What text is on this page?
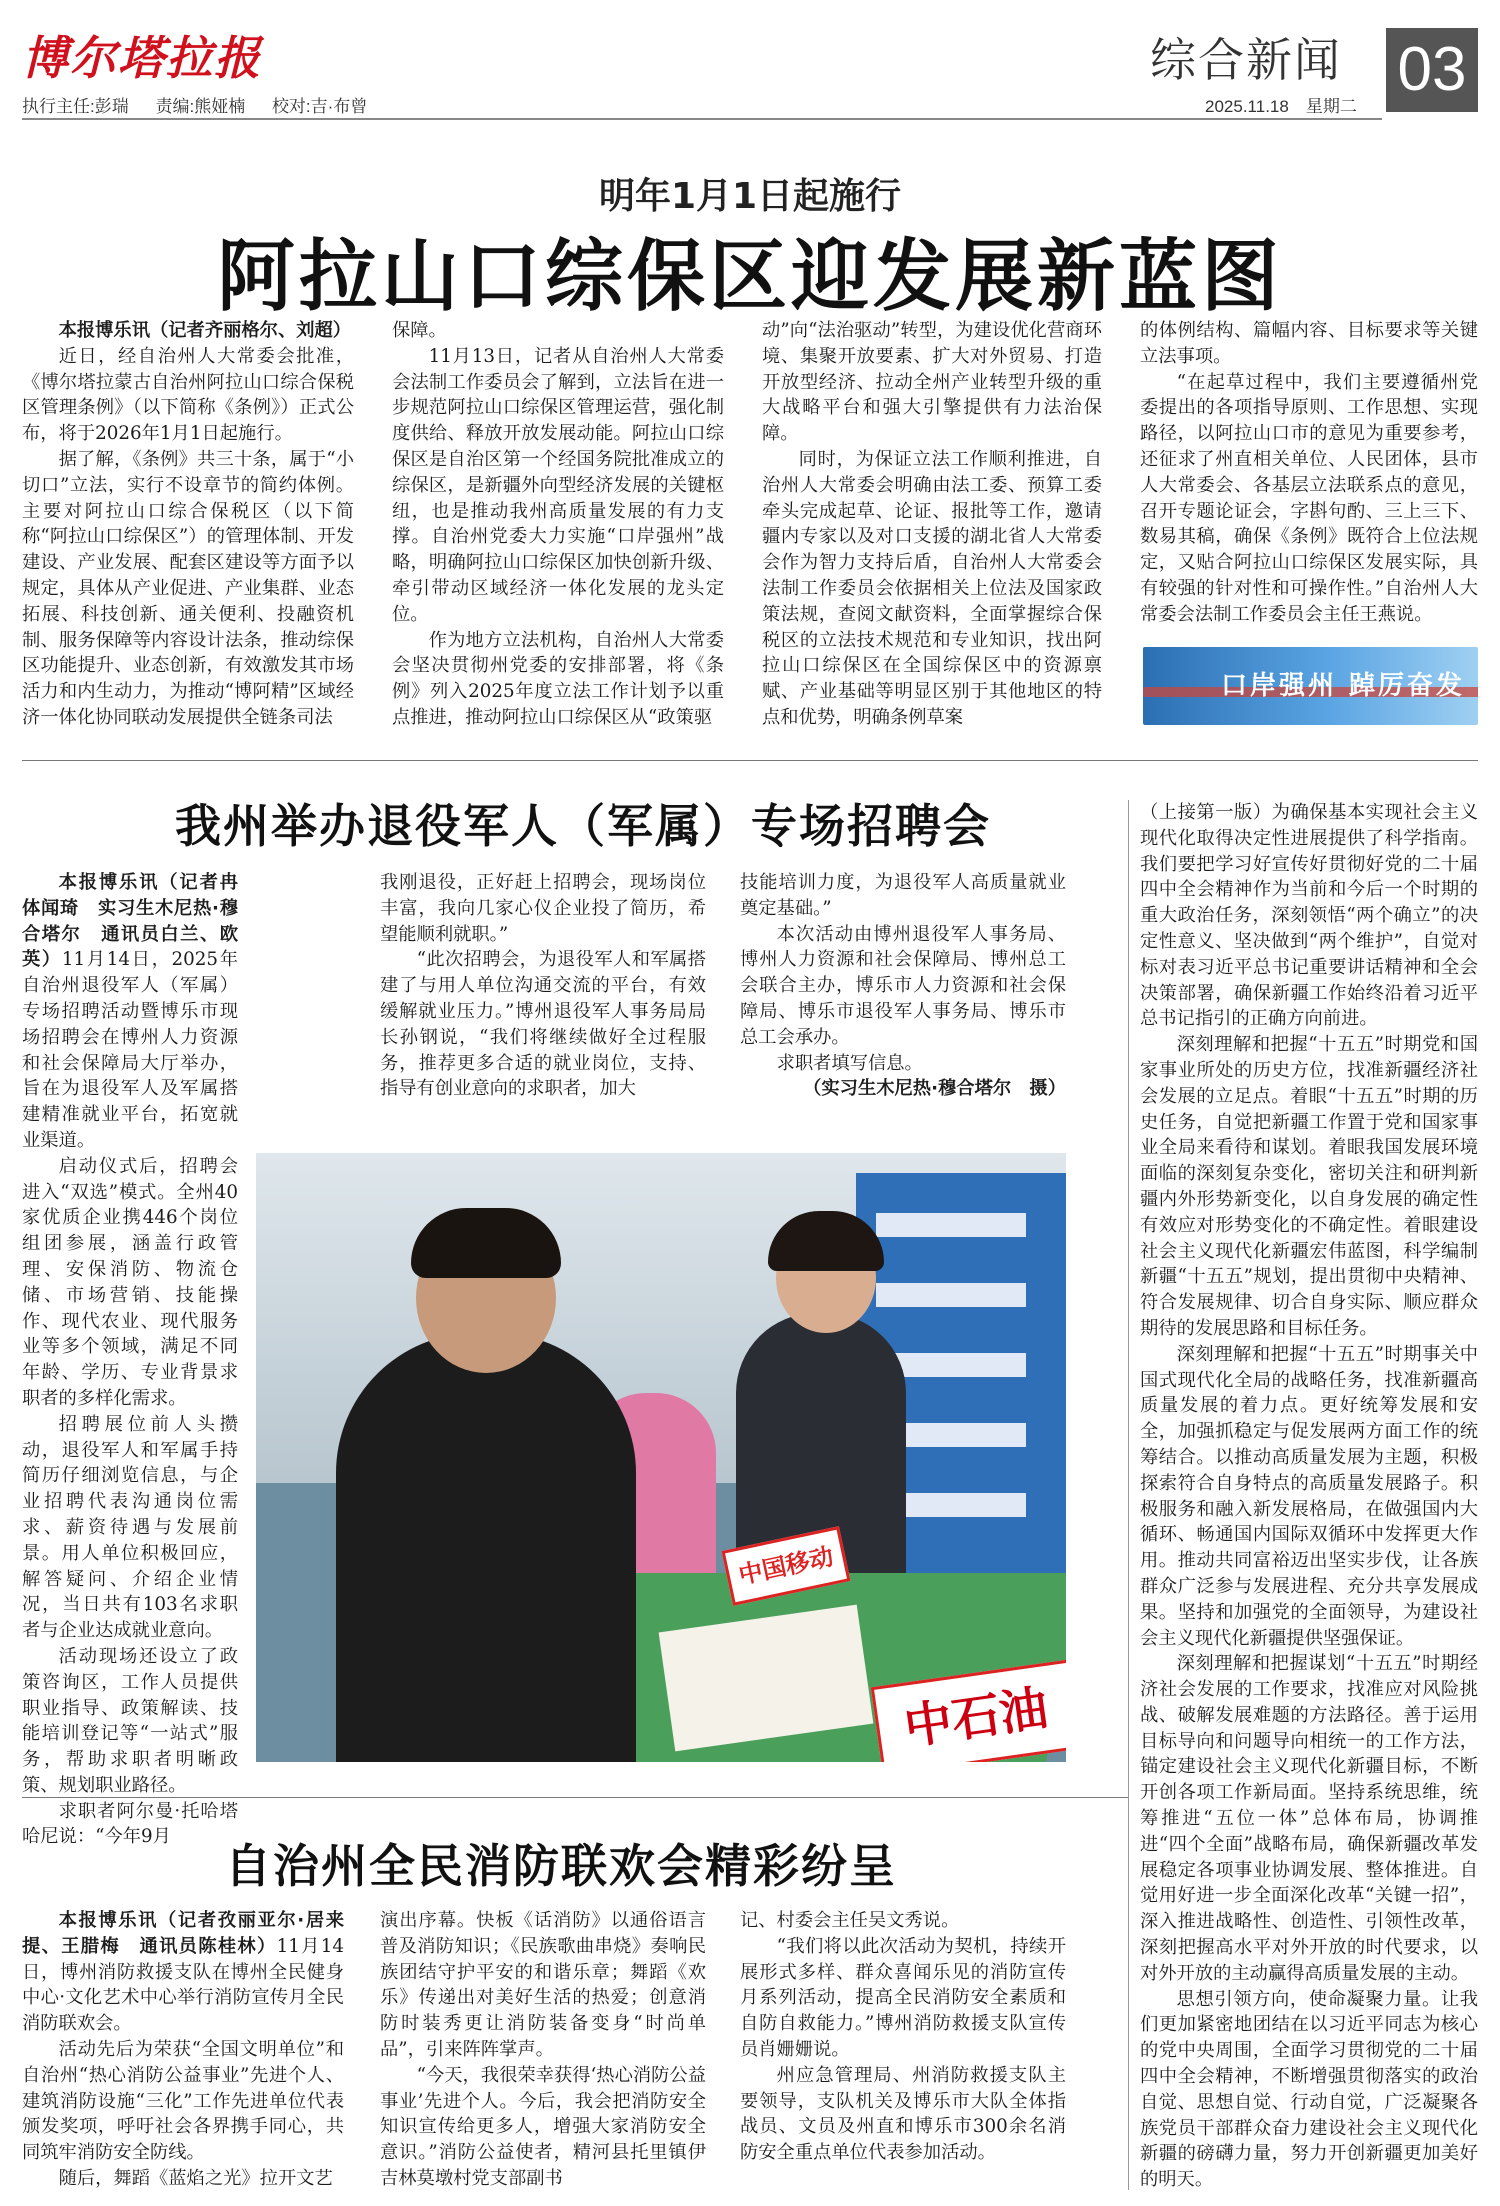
博尔塔拉报
执行主任:彭瑞 责编:熊娅楠 校对:吉·布曾
综合新闻 03
2025.11.18　星期二
明年1月1日起施行
阿拉山口综保区迎发展新蓝图

本报博乐讯（记者齐丽格尔、刘超）

近日，经自治州人大常委会批准，《博尔塔拉蒙古自治州阿拉山口综合保税区管理条例》（以下简称《条例》）正式公布，将于2026年1月1日起施行。

据了解，《条例》共三十条，属于“小切口”立法，实行不设章节的简约体例。主要对阿拉山口综合保税区（以下简称“阿拉山口综保区”）的管理体制、开发建设、产业发展、配套区建设等方面予以规定，具体从产业促进、产业集群、业态拓展、科技创新、通关便利、投融资机制、服务保障等内容设计法条，推动综保区功能提升、业态创新，有效激发其市场活力和内生动力，为推动“博阿精”区域经济一体化协同联动发展提供全链条司法

保障。

11月13日，记者从自治州人大常委会法制工作委员会了解到，立法旨在进一步规范阿拉山口综保区管理运营，强化制度供给、释放开放发展动能。阿拉山口综保区是自治区第一个经国务院批准成立的综保区，是新疆外向型经济发展的关键枢纽，也是推动我州高质量发展的有力支撑。自治州党委大力实施“口岸强州”战略，明确阿拉山口综保区加快创新升级、牵引带动区域经济一体化发展的龙头定位。

作为地方立法机构，自治州人大常委会坚决贯彻州党委的安排部署，将《条例》列入2025年度立法工作计划予以重点推进，推动阿拉山口综保区从“政策驱

动”向“法治驱动”转型，为建设优化营商环境、集聚开放要素、扩大对外贸易、打造开放型经济、拉动全州产业转型升级的重大战略平台和强大引擎提供有力法治保障。

同时，为保证立法工作顺利推进，自治州人大常委会明确由法工委、预算工委牵头完成起草、论证、报批等工作，邀请疆内专家以及对口支援的湖北省人大常委会作为智力支持后盾，自治州人大常委会法制工作委员会依据相关上位法及国家政策法规，查阅文献资料，全面掌握综合保税区的立法技术规范和专业知识，找出阿拉山口综保区在全国综保区中的资源禀赋、产业基础等明显区别于其他地区的特点和优势，明确条例草案

的体例结构、篇幅内容、目标要求等关键立法事项。

“在起草过程中，我们主要遵循州党委提出的各项指导原则、工作思想、实现路径，以阿拉山口市的意见为重要参考，还征求了州直相关单位、人民团体，县市人大常委会、各基层立法联系点的意见，召开专题论证会，字斟句酌、三上三下、数易其稿，确保《条例》既符合上位法规定，又贴合阿拉山口综保区发展实际，具有较强的针对性和可操作性。”自治州人大常委会法制工作委员会主任王燕说。

口岸强州 踔厉奋发
我州举办退役军人（军属）专场招聘会

本报博乐讯（记者冉体闻琦　实习生木尼热·穆合塔尔　通讯员白兰、欧英）11月14日，2025年自治州退役军人（军属）专场招聘活动暨博乐市现场招聘会在博州人力资源和社会保障局大厅举办，旨在为退役军人及军属搭建精准就业平台，拓宽就业渠道。

启动仪式后，招聘会进入“双选”模式。全州40家优质企业携446个岗位组团参展，涵盖行政管理、安保消防、物流仓储、市场营销、技能操作、现代农业、现代服务业等多个领域，满足不同年龄、学历、专业背景求职者的多样化需求。

招聘展位前人头攒动，退役军人和军属手持简历仔细浏览信息，与企业招聘代表沟通岗位需求、薪资待遇与发展前景。用人单位积极回应，解答疑问、介绍企业情况，当日共有103名求职者与企业达成就业意向。

活动现场还设立了政策咨询区，工作人员提供职业指导、政策解读、技能培训登记等“一站式”服务，帮助求职者明晰政策、规划职业路径。

求职者阿尔曼·托哈塔哈尼说：“今年9月

我刚退役，正好赶上招聘会，现场岗位丰富，我向几家心仪企业投了简历，希望能顺利就职。”

“此次招聘会，为退役军人和军属搭建了与用人单位沟通交流的平台，有效缓解就业压力。”博州退役军人事务局局长孙钢说，“我们将继续做好全过程服务，推荐更多合适的就业岗位，支持、指导有创业意向的求职者，加大

技能培训力度，为退役军人高质量就业奠定基础。”

本次活动由博州退役军人事务局、博州人力资源和社会保障局、博州总工会联合主办，博乐市人力资源和社会保障局、博乐市退役军人事务局、博乐市总工会承办。

求职者填写信息。

（实习生木尼热·穆合塔尔　摄）

中国移动
中石油
自治州全民消防联欢会精彩纷呈

本报博乐讯（记者孜丽亚尔·居来提、王腊梅　通讯员陈桂林）11月14日，博州消防救援支队在博州全民健身中心·文化艺术中心举行消防宣传月全民消防联欢会。

活动先后为荣获“全国文明单位”和自治州“热心消防公益事业”先进个人、建筑消防设施“三化”工作先进单位代表颁发奖项，呼吁社会各界携手同心，共同筑牢消防安全防线。

随后，舞蹈《蓝焰之光》拉开文艺

演出序幕。快板《话消防》以通俗语言普及消防知识；《民族歌曲串烧》奏响民族团结守护平安的和谐乐章；舞蹈《欢乐》传递出对美好生活的热爱；创意消防时装秀更让消防装备变身“时尚单品”，引来阵阵掌声。

“今天，我很荣幸获得‘热心消防公益事业’先进个人。今后，我会把消防安全知识宣传给更多人，增强大家消防安全意识。”消防公益使者，精河县托里镇伊吉林莫墩村党支部副书

记、村委会主任吴文秀说。

“我们将以此次活动为契机，持续开展形式多样、群众喜闻乐见的消防宣传月系列活动，提高全民消防安全素质和自防自救能力。”博州消防救援支队宣传员肖姗姗说。

州应急管理局、州消防救援支队主要领导，支队机关及博乐市大队全体指战员、文员及州直和博乐市300余名消防安全重点单位代表参加活动。

（上接第一版）为确保基本实现社会主义现代化取得决定性进展提供了科学指南。我们要把学习好宣传好贯彻好党的二十届四中全会精神作为当前和今后一个时期的重大政治任务，深刻领悟“两个确立”的决定性意义、坚决做到“两个维护”，自觉对标对表习近平总书记重要讲话精神和全会决策部署，确保新疆工作始终沿着习近平总书记指引的正确方向前进。

深刻理解和把握“十五五”时期党和国家事业所处的历史方位，找准新疆经济社会发展的立足点。着眼“十五五”时期的历史任务，自觉把新疆工作置于党和国家事业全局来看待和谋划。着眼我国发展环境面临的深刻复杂变化，密切关注和研判新疆内外形势新变化，以自身发展的确定性有效应对形势变化的不确定性。着眼建设社会主义现代化新疆宏伟蓝图，科学编制新疆“十五五”规划，提出贯彻中央精神、符合发展规律、切合自身实际、顺应群众期待的发展思路和目标任务。

深刻理解和把握“十五五”时期事关中国式现代化全局的战略任务，找准新疆高质量发展的着力点。更好统筹发展和安全，加强抓稳定与促发展两方面工作的统筹结合。以推动高质量发展为主题，积极探索符合自身特点的高质量发展路子。积极服务和融入新发展格局，在做强国内大循环、畅通国内国际双循环中发挥更大作用。推动共同富裕迈出坚实步伐，让各族群众广泛参与发展进程、充分共享发展成果。坚持和加强党的全面领导，为建设社会主义现代化新疆提供坚强保证。

深刻理解和把握谋划“十五五”时期经济社会发展的工作要求，找准应对风险挑战、破解发展难题的方法路径。善于运用目标导向和问题导向相统一的工作方法，锚定建设社会主义现代化新疆目标，不断开创各项工作新局面。坚持系统思维，统筹推进“五位一体”总体布局，协调推进“四个全面”战略布局，确保新疆改革发展稳定各项事业协调发展、整体推进。自觉用好进一步全面深化改革“关键一招”，深入推进战略性、创造性、引领性改革，深刻把握高水平对外开放的时代要求，以对外开放的主动赢得高质量发展的主动。

思想引领方向，使命凝聚力量。让我们更加紧密地团结在以习近平同志为核心的党中央周围，全面学习贯彻党的二十届四中全会精神，不断增强贯彻落实的政治自觉、思想自觉、行动自觉，广泛凝聚各族党员干部群众奋力建设社会主义现代化新疆的磅礴力量，努力开创新疆更加美好的明天。
